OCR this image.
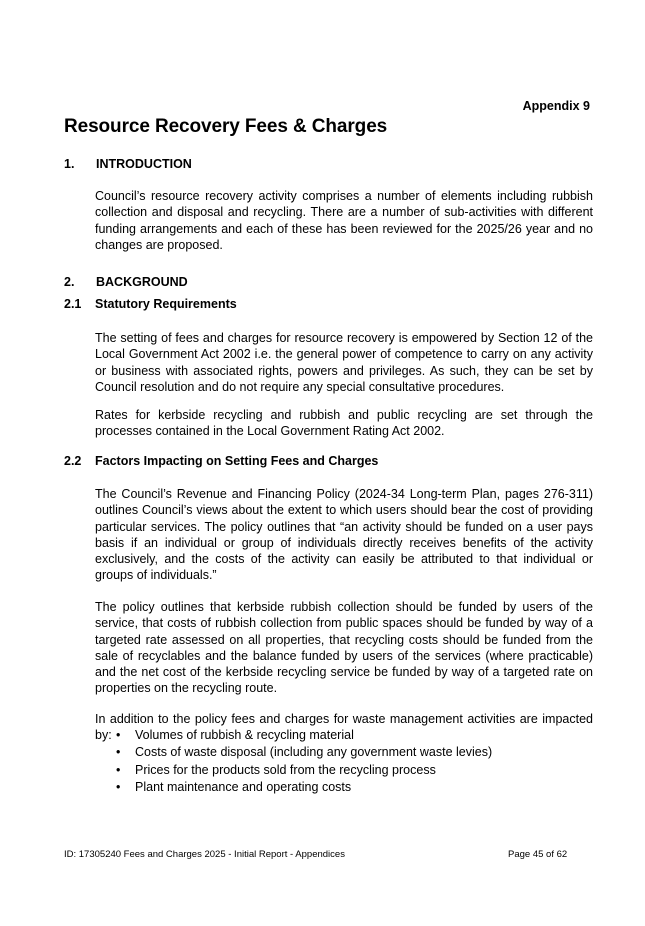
Appendix 9
Resource Recovery Fees & Charges
1. INTRODUCTION

Council’s resource recovery activity comprises a number of elements including rubbish collection and disposal and recycling. There are a number of sub-activities with different funding arrangements and each of these has been reviewed for the 2025/26 year and no changes are proposed.

2. BACKGROUND
2.1 Statutory Requirements

The setting of fees and charges for resource recovery is empowered by Section 12 of the Local Government Act 2002 i.e. the general power of competence to carry on any activity or business with associated rights, powers and privileges. As such, they can be set by Council resolution and do not require any special consultative procedures.

Rates for kerbside recycling and rubbish and public recycling are set through the processes contained in the Local Government Rating Act 2002.

2.2 Factors Impacting on Setting Fees and Charges

The Council’s Revenue and Financing Policy (2024-34 Long-term Plan, pages 276-311) outlines Council’s views about the extent to which users should bear the cost of providing particular services. The policy outlines that “an activity should be funded on a user pays basis if an individual or group of individuals directly receives benefits of the activity exclusively, and the costs of the activity can easily be attributed to that individual or groups of individuals.”

The policy outlines that kerbside rubbish collection should be funded by users of the service, that costs of rubbish collection from public spaces should be funded by way of a targeted rate assessed on all properties, that recycling costs should be funded from the sale of recyclables and the balance funded by users of the services (where practicable) and the net cost of the kerbside recycling service be funded by way of a targeted rate on properties on the recycling route.

In addition to the policy fees and charges for waste management activities are impacted by: • Volumes of rubbish & recycling material
• Costs of waste disposal (including any government waste levies)
• Prices for the products sold from the recycling process
• Plant maintenance and operating costs
ID: 17305240 Fees and Charges 2025 - Initial Report - Appendices	Page 45 of 62
